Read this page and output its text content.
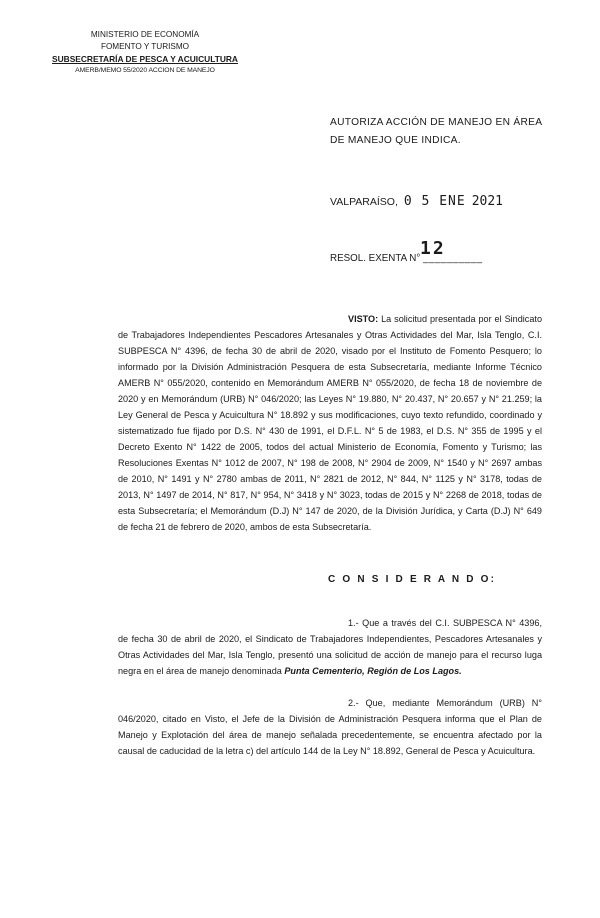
MINISTERIO DE ECONOMÍA
FOMENTO Y TURISMO
SUBSECRETARÍA DE PESCA Y ACUICULTURA
AMERB/MEMO 55/2020 ACCION DE MANEJO
AUTORIZA ACCIÓN DE MANEJO EN ÁREA DE MANEJO QUE INDICA.
VALPARAÍSO, 0 5 ENE 2021
12
RESOL. EXENTA N° __________
VISTO: La solicitud presentada por el Sindicato de Trabajadores Independientes Pescadores Artesanales y Otras Actividades del Mar, Isla Tenglo, C.I. SUBPESCA N° 4396, de fecha 30 de abril de 2020, visado por el Instituto de Fomento Pesquero; lo informado por la División Administración Pesquera de esta Subsecretaría, mediante Informe Técnico AMERB N° 055/2020, contenido en Memorándum AMERB N° 055/2020, de fecha 18 de noviembre de 2020 y en Memorándum (URB) N° 046/2020; las Leyes N° 19.880, N° 20.437, N° 20.657 y N° 21.259; la Ley General de Pesca y Acuicultura N° 18.892 y sus modificaciones, cuyo texto refundido, coordinado y sistematizado fue fijado por D.S. N° 430 de 1991, el D.F.L. N° 5 de 1983, el D.S. N° 355 de 1995 y el Decreto Exento N° 1422 de 2005, todos del actual Ministerio de Economía, Fomento y Turismo; las Resoluciones Exentas N° 1012 de 2007, N° 198 de 2008, N° 2904 de 2009, N° 1540 y N° 2697 ambas de 2010, N° 1491 y N° 2780 ambas de 2011, N° 2821 de 2012, N° 844, N° 1125 y N° 3178, todas de 2013, N° 1497 de 2014, N° 817, N° 954, N° 3418 y N° 3023, todas de 2015 y N° 2268 de 2018, todas de esta Subsecretaría; el Memorándum (D.J) N° 147 de 2020, de la División Jurídica, y Carta (D.J) N° 649 de fecha 21 de febrero de 2020, ambos de esta Subsecretaría.
C O N S I D E R A N D O:
1.- Que a través del C.I. SUBPESCA N° 4396, de fecha 30 de abril de 2020, el Sindicato de Trabajadores Independientes, Pescadores Artesanales y Otras Actividades del Mar, Isla Tenglo, presentó una solicitud de acción de manejo para el recurso luga negra en el área de manejo denominada Punta Cementerio, Región de Los Lagos.
2.- Que, mediante Memorándum (URB) N° 046/2020, citado en Visto, el Jefe de la División de Administración Pesquera informa que el Plan de Manejo y Explotación del área de manejo señalada precedentemente, se encuentra afectado por la causal de caducidad de la letra c) del artículo 144 de la Ley N° 18.892, General de Pesca y Acuicultura.
